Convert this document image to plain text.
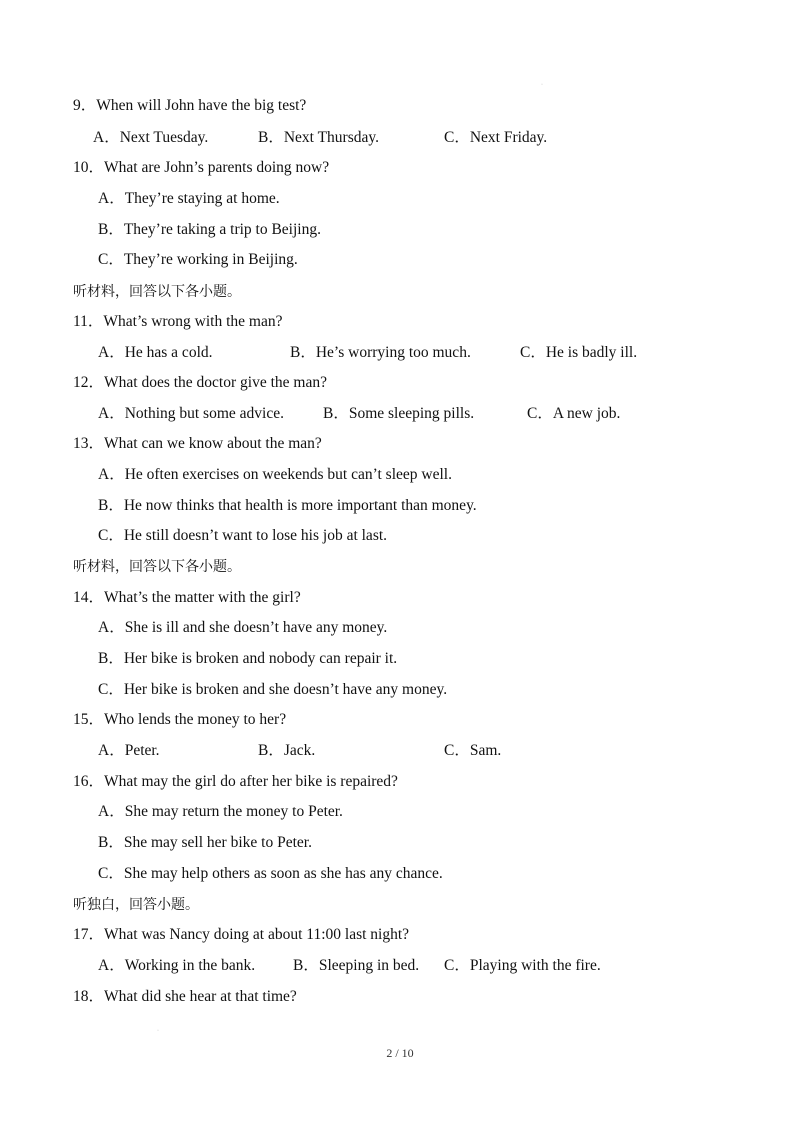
9．When will John have the big test?
A．Next Tuesday.	B．Next Thursday.	C．Next Friday.
10．What are John’s parents doing now?
A．They’re staying at home.
B．They’re taking a trip to Beijing.
C．They’re working in Beijing.
听材料，回答以下各小题。
11．What’s wrong with the man?
A．He has a cold.	B．He’s worrying too much.	C．He is badly ill.
12．What does the doctor give the man?
A．Nothing but some advice.	B．Some sleeping pills.	C．A new job.
13．What can we know about the man?
A．He often exercises on weekends but can’t sleep well.
B．He now thinks that health is more important than money.
C．He still doesn’t want to lose his job at last.
听材料，回答以下各小题。
14．What’s the matter with the girl?
A．She is ill and she doesn’t have any money.
B．Her bike is broken and nobody can repair it.
C．Her bike is broken and she doesn’t have any money.
15．Who lends the money to her?
A．Peter.	B．Jack.	C．Sam.
16．What may the girl do after her bike is repaired?
A．She may return the money to Peter.
B．She may sell her bike to Peter.
C．She may help others as soon as she has any chance.
听独白，回答小题。
17．What was Nancy doing at about 11:00 last night?
A．Working in the bank. B．Sleeping in bed. C．Playing with the fire.
18．What did she hear at that time?
2 / 10
·
·
